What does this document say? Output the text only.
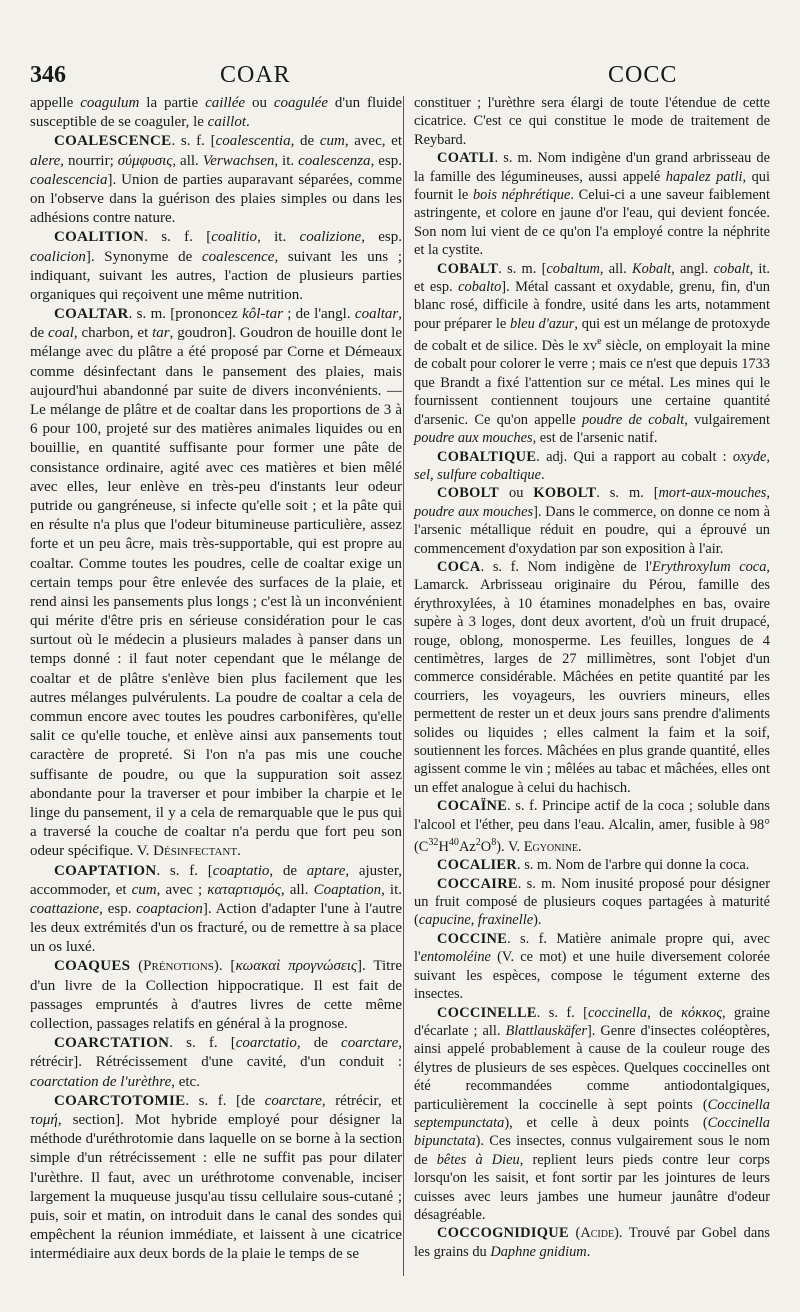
346	COAR	COCC

appelle coagulum la partie caillée ou coagulée d'un fluide susceptible de se coaguler, le caillot.

COALESCENCE. s. f. [coalescentia, de cum, avec, et alere, nourrir; σύμφυσις, all. Verwachsen, it. coalescenza, esp. coalescencia]. Union de parties auparavant séparées, comme on l'observe dans la guérison des plaies simples ou dans les adhésions contre nature.

COALITION. s. f. [coalitio, it. coalizione, esp. coalicion]. Synonyme de coalescence, suivant les uns ; indiquant, suivant les autres, l'action de plusieurs parties organiques qui reçoivent une même nutrition.

COALTAR. s. m. [prononcez kôl-tar ; de l'angl. coaltar, de coal, charbon, et tar, goudron]. Goudron de houille dont le mélange avec du plâtre a été proposé par Corne et Démeaux comme désinfectant dans le pansement des plaies, mais aujourd'hui abandonné par suite de divers inconvénients. — Le mélange de plâtre et de coaltar dans les proportions de 3 à 6 pour 100, projeté sur des matières animales liquides ou en bouillie, en quantité suffisante pour former une pâte de consistance ordinaire, agité avec ces matières et bien mêlé avec elles, leur enlève en très-peu d'instants leur odeur putride ou gangréneuse, si infecte qu'elle soit ; et la pâte qui en résulte n'a plus que l'odeur bitumineuse particulière, assez forte et un peu âcre, mais très-supportable, qui est propre au coaltar. Comme toutes les poudres, celle de coaltar exige un certain temps pour être enlevée des surfaces de la plaie, et rend ainsi les pansements plus longs ; c'est là un inconvénient qui mérite d'être pris en sérieuse considération pour le cas surtout où le médecin a plusieurs malades à panser dans un temps donné : il faut noter cependant que le mélange de coaltar et de plâtre s'enlève bien plus facilement que les autres mélanges pulvérulents. La poudre de coaltar a cela de commun encore avec toutes les poudres carbonifères, qu'elle salit ce qu'elle touche, et enlève ainsi aux pansements tout caractère de propreté. Si l'on n'a pas mis une couche suffisante de poudre, ou que la suppuration soit assez abondante pour la traverser et pour imbiber la charpie et le linge du pansement, il y a cela de remarquable que le pus qui a traversé la couche de coaltar n'a perdu que fort peu son odeur spécifique. V. Désinfectant.

COAPTATION. s. f. [coaptatio, de aptare, ajuster, accommoder, et cum, avec ; καταρτισμός, all. Coaptation, it. coattazione, esp. coaptacion]. Action d'adapter l'une à l'autre les deux extrémités d'un os fracturé, ou de remettre à sa place un os luxé.

COAQUES (Prénotions). [κωακαὶ προγνώσεις]. Titre d'un livre de la Collection hippocratique. Il est fait de passages empruntés à d'autres livres de cette même collection, passages relatifs en général à la prognose.

COARCTATION. s. f. [coarctatio, de coarctare, rétrécir]. Rétrécissement d'une cavité, d'un conduit : coarctation de l'urèthre, etc.

COARCTOTOMIE. s. f. [de coarctare, rétrécir, et τομή, section]. Mot hybride employé pour désigner la méthode d'uréthrotomie dans laquelle on se borne à la section simple d'un rétrécissement : elle ne suffit pas pour dilater l'urèthre. Il faut, avec un uréthrotome convenable, inciser largement la muqueuse jusqu'au tissu cellulaire sous-cutané ; puis, soir et matin, on introduit dans le canal des sondes qui empêchent la réunion immédiate, et laissent à une cicatrice intermédiaire aux deux bords de la plaie le temps de se

constituer ; l'urèthre sera élargi de toute l'étendue de cette cicatrice. C'est ce qui constitue le mode de traitement de Reybard.

COATLI. s. m. Nom indigène d'un grand arbrisseau de la famille des légumineuses, aussi appelé hapalez patli, qui fournit le bois néphrétique. Celui-ci a une saveur faiblement astringente, et colore en jaune d'or l'eau, qui devient foncée. Son nom lui vient de ce qu'on l'a employé contre la néphrite et la cystite.

COBALT. s. m. [cobaltum, all. Kobalt, angl. cobalt, it. et esp. cobalto]. Métal cassant et oxydable, grenu, fin, d'un blanc rosé, difficile à fondre, usité dans les arts, notamment pour préparer le bleu d'azur, qui est un mélange de protoxyde de cobalt et de silice. Dès le $xv^e$ siècle, on employait la mine de cobalt pour colorer le verre ; mais ce n'est que depuis 1733 que Brandt a fixé l'attention sur ce métal. Les mines qui le fournissent contiennent toujours une certaine quantité d'arsenic. Ce qu'on appelle poudre de cobalt, vulgairement poudre aux mouches, est de l'arsenic natif.

COBALTIQUE. adj. Qui a rapport au cobalt : oxyde, sel, sulfure cobaltique.

COBOLT ou KOBOLT. s. m. [mort-aux-mouches, poudre aux mouches]. Dans le commerce, on donne ce nom à l'arsenic métallique réduit en poudre, qui a éprouvé un commencement d'oxydation par son exposition à l'air.

COCA. s. f. Nom indigène de l'Erythroxylum coca, Lamarck. Arbrisseau originaire du Pérou, famille des érythroxylées, à 10 étamines monadelphes en bas, ovaire supère à 3 loges, dont deux avortent, d'où un fruit drupacé, rouge, oblong, monosperme. Les feuilles, longues de 4 centimètres, larges de 27 millimètres, sont l'objet d'un commerce considérable. Mâchées en petite quantité par les courriers, les voyageurs, les ouvriers mineurs, elles permettent de rester un et deux jours sans prendre d'aliments solides ou liquides ; elles calment la faim et la soif, soutiennent les forces. Mâchées en plus grande quantité, elles agissent comme le vin ; mêlées au tabac et mâchées, elles ont un effet analogue à celui du hachisch.

COCAÏNE. s. f. Principe actif de la coca ; soluble dans l'alcool et l'éther, peu dans l'eau. Alcalin, amer, fusible à 98° $(C^{32}H^{40}Az^2O^8)$. V. Egyonine.

COCALIER. s. m. Nom de l'arbre qui donne la coca.

COCCAIRE. s. m. Nom inusité proposé pour désigner un fruit composé de plusieurs coques partagées à maturité (capucine, fraxinelle).

COCCINE. s. f. Matière animale propre qui, avec l'entomoléine (V. ce mot) et une huile diversement colorée suivant les espèces, compose le tégument externe des insectes.

COCCINELLE. s. f. [coccinella, de κόκκος, graine d'écarlate ; all. Blattlauskäfer]. Genre d'insectes coléoptères, ainsi appelé probablement à cause de la couleur rouge des élytres de plusieurs de ses espèces. Quelques coccinelles ont été recommandées comme antiodontalgiques, particulièrement la coccinelle à sept points (Coccinella septempunctata), et celle à deux points (Coccinella bipunctata). Ces insectes, connus vulgairement sous le nom de bêtes à Dieu, replient leurs pieds contre leur corps lorsqu'on les saisit, et font sortir par les jointures de leurs cuisses avec leurs jambes une humeur jaunâtre d'odeur désagréable.

COCCOGNIDIQUE (Acide). Trouvé par Gobel dans les grains du Daphne gnidium.
